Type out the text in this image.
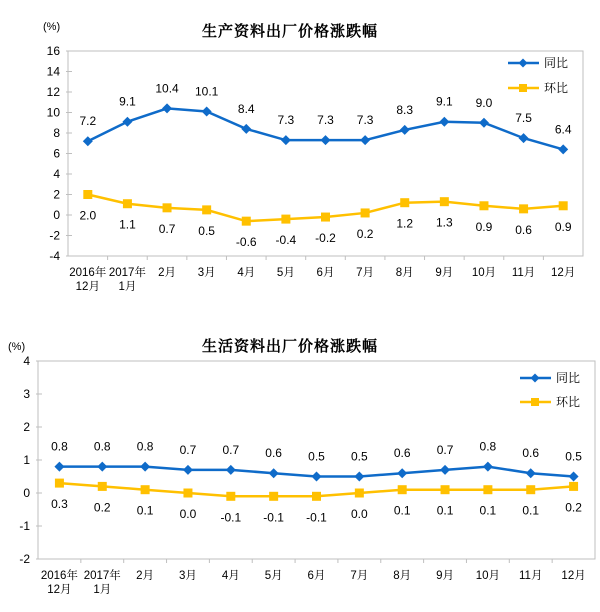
(%)	生产资料出厂价格涨跌幅
-4
-2
0
2
4
6
8
10
12
14
16
2016年
12月
2017年
1月
2月 3月 4月 5月 6月 7月 8月 9月 10月 11月 12月
7.2
9.1
10.4 10.1
8.4
7.3 7.3 7.3
8.3
9.1 9.0
7.5
6.4
2.0
1.1 0.7 0.5
-0.6 -0.4 -0.2 0.2
1.2 1.3 0.9 0.6 0.9
同比
环比
(%)	生活资料出厂价格涨跌幅
-2
-1
0
1
2
3
4
2016年
12月
2017年
1月
2月 3月 4月 5月 6月 7月 8月 9月 10月 11月 12月
0.8 0.8 0.8 0.7 0.7 0.6 0.5 0.5 0.6 0.7 0.8 0.6 0.5
0.3 0.2 0.1 0.0 -0.1 -0.1 -0.1 0.0 0.1 0.1 0.1 0.1 0.2
同比
环比
